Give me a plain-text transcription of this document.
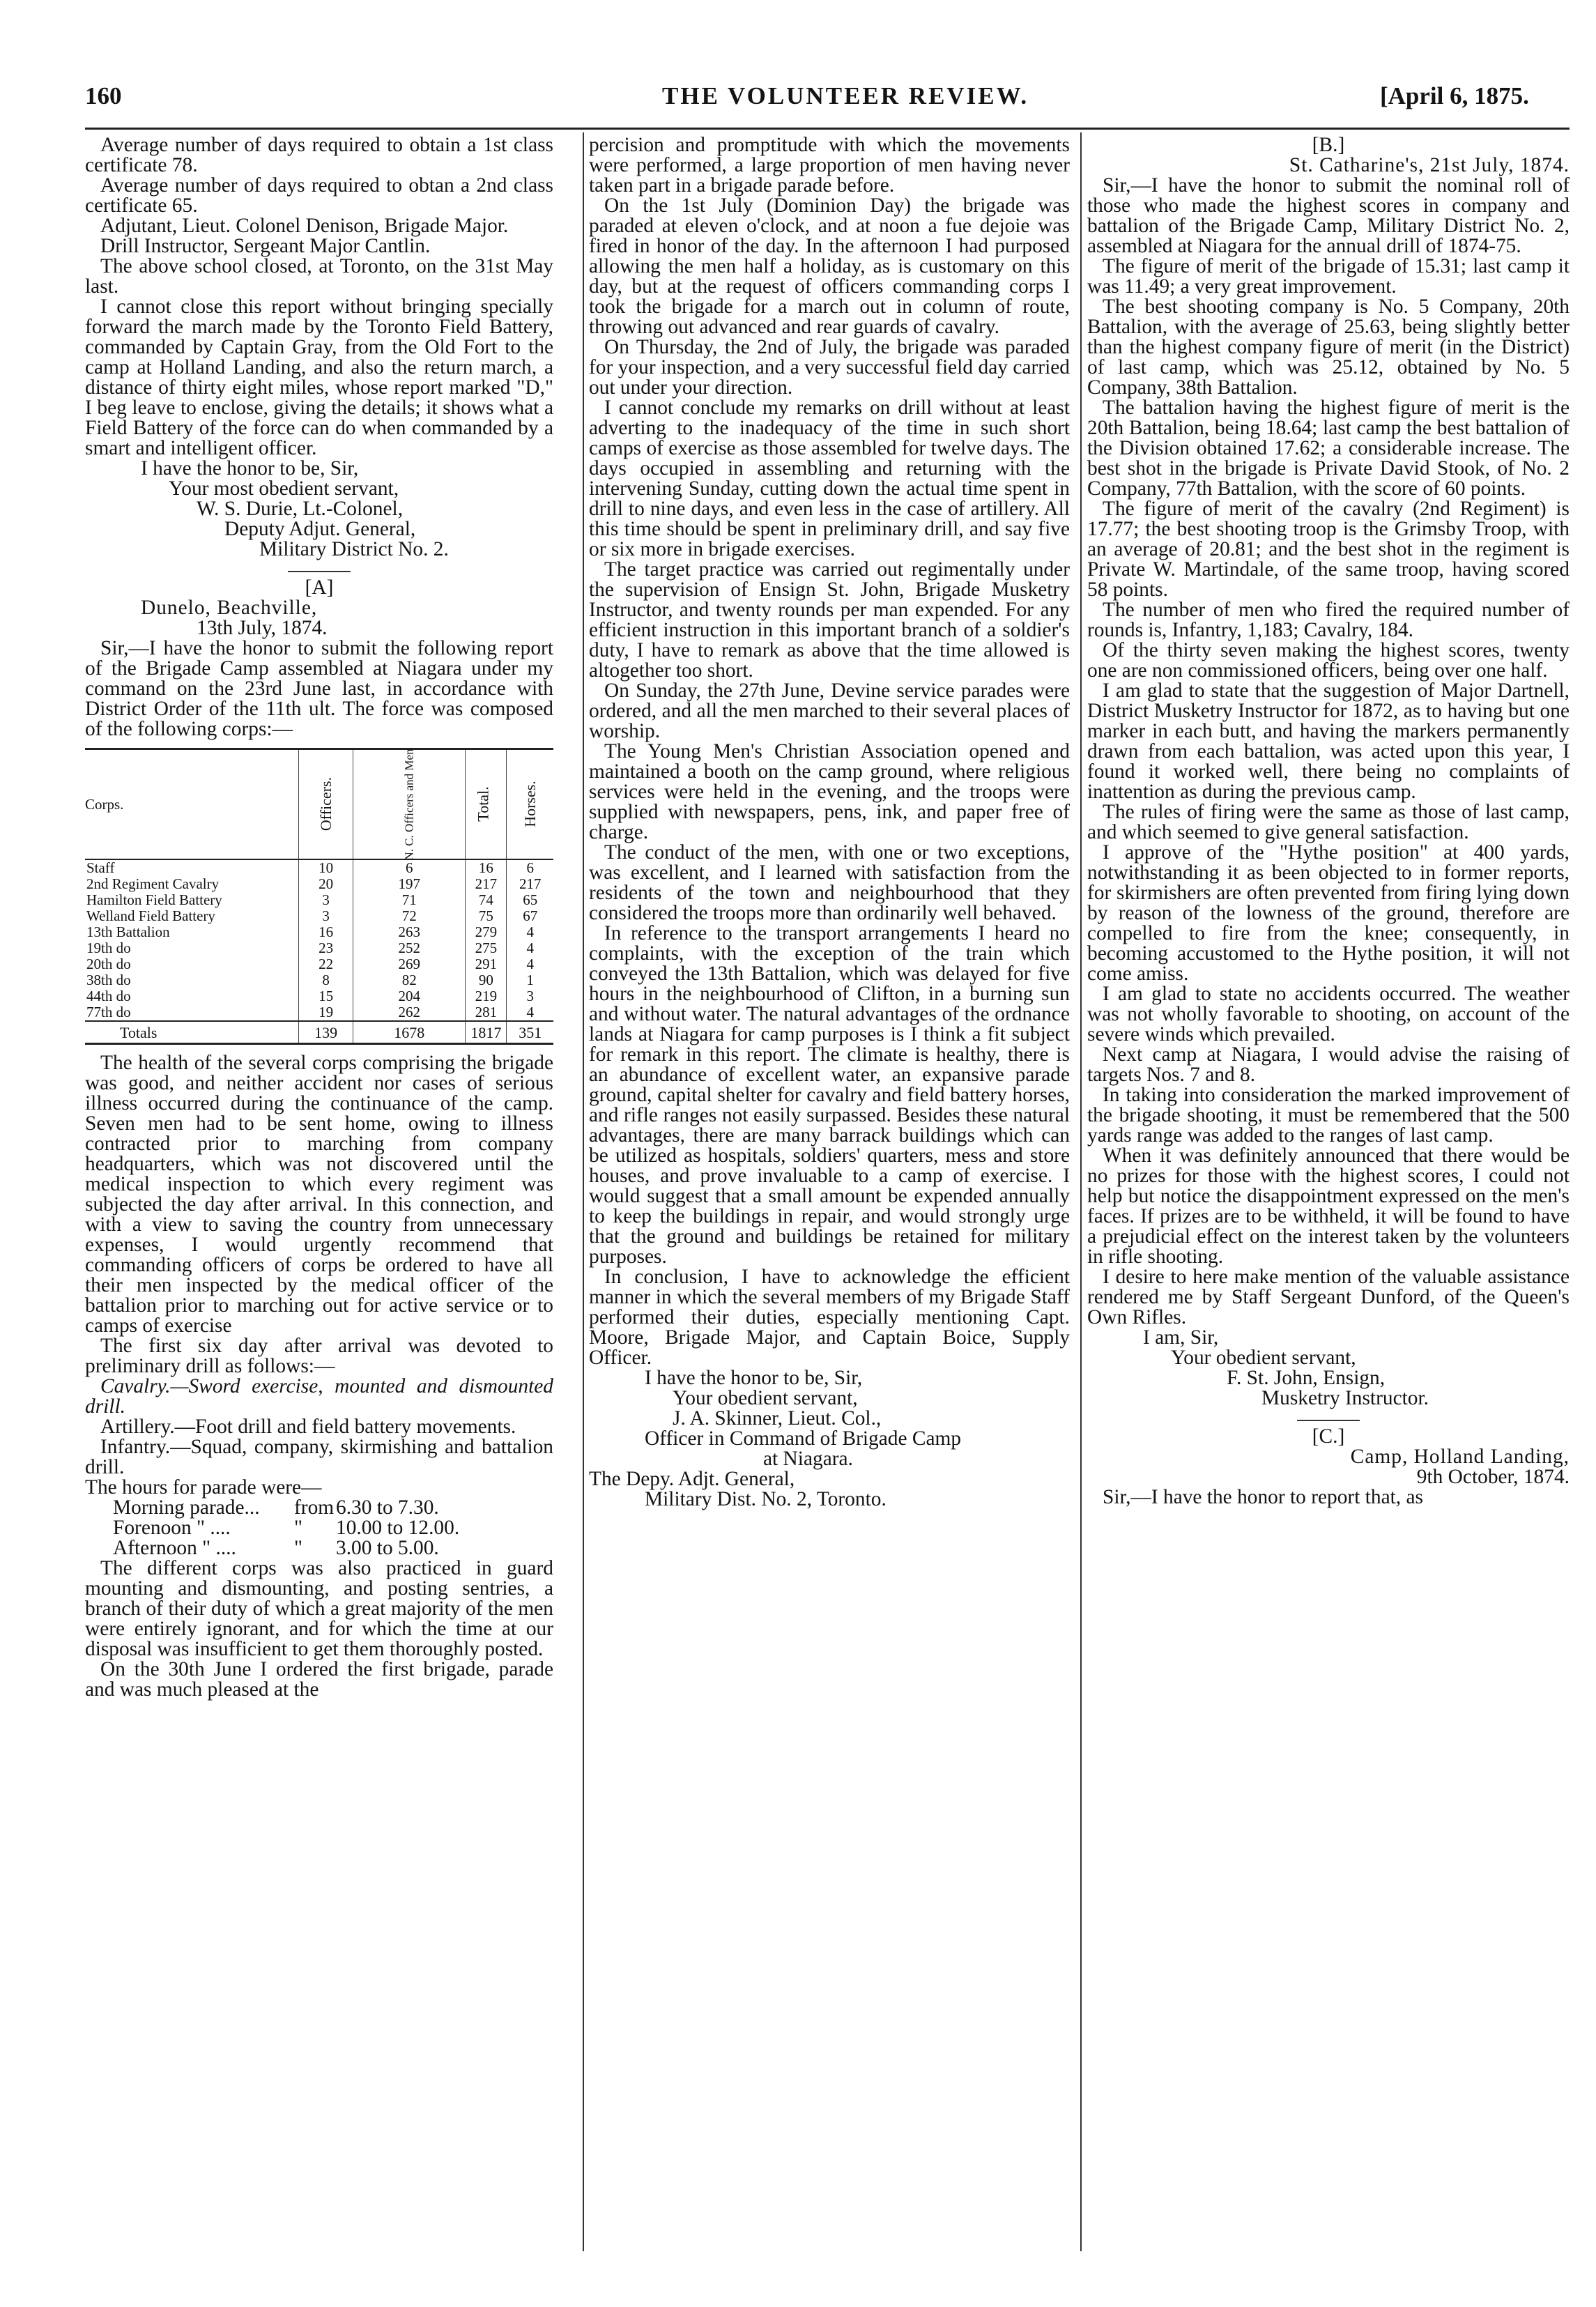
160	THE VOLUNTEER REVIEW.	[April 6, 1875.

Average number of days required to obtain a 1st class certificate 78.

Average number of days required to obtan a 2nd class certificate 65.

Adjutant, Lieut. Colonel Denison, Brigade Major.

Drill Instructor, Sergeant Major Cantlin.

The above school closed, at Toronto, on the 31st May last.

I cannot close this report without bringing specially forward the march made by the Toronto Field Battery, commanded by Captain Gray, from the Old Fort to the camp at Holland Landing, and also the return march, a distance of thirty eight miles, whose report marked "D," I beg leave to enclose, giving the details; it shows what a Field Battery of the force can do when commanded by a smart and intelligent officer.

I have the honor to be, Sir,

Your most obedient servant,

W. S. Durie, Lt.-Colonel,

Deputy Adjut. General,

Military District No. 2.

[A]

Dunelo, Beachville,

13th July, 1874.

Sir,—I have the honor to submit the following report of the Brigade Camp assembled at Niagara under my command on the 23rd June last, in accordance with District Order of the 11th ult. The force was composed of the following corps:—

Corps.	Officers.	N. C. Officers and Men	Total.	Horses.
Staff	10	6	16	6
2nd Regiment Cavalry	20	197	217	217
Hamilton Field Battery	3	71	74	65
Welland Field Battery	3	72	75	67
13th Battalion	16	263	279	4
19th do	23	252	275	4
20th do	22	269	291	4
38th do	8	82	90	1
44th do	15	204	219	3
77th do	19	262	281	4
Totals	139	1678	1817	351

The health of the several corps comprising the brigade was good, and neither accident nor cases of serious illness occurred during the continuance of the camp. Seven men had to be sent home, owing to illness contracted prior to marching from company headquarters, which was not discovered until the medical inspection to which every regiment was subjected the day after arrival. In this connection, and with a view to saving the country from unnecessary expenses, I would urgently recommend that commanding officers of corps be ordered to have all their men inspected by the medical officer of the battalion prior to marching out for active service or to camps of exercise

The first six day after arrival was devoted to preliminary drill as follows:—

Cavalry.—Sword exercise, mounted and dismounted drill.

Artillery.—Foot drill and field battery movements.

Infantry.—Squad, company, skirmishing and battalion drill.

The hours for parade were—

Morning parade...	from 6.30 to 7.30.
Forenoon " ....	"	10.00 to 12.00.
Afternoon " ....	"	3.00 to 5.00.

The different corps was also practiced in guard mounting and dismounting, and posting sentries, a branch of their duty of which a great majority of the men were entirely ignorant, and for which the time at our disposal was insufficient to get them thoroughly posted.

On the 30th June I ordered the first brigade, parade and was much pleased at the

percision and promptitude with which the movements were performed, a large proportion of men having never taken part in a brigade parade before.

On the 1st July (Dominion Day) the brigade was paraded at eleven o'clock, and at noon a fue dejoie was fired in honor of the day. In the afternoon I had purposed allowing the men half a holiday, as is customary on this day, but at the request of officers commanding corps I took the brigade for a march out in column of route, throwing out advanced and rear guards of cavalry.

On Thursday, the 2nd of July, the brigade was paraded for your inspection, and a very successful field day carried out under your direction.

I cannot conclude my remarks on drill without at least adverting to the inadequacy of the time in such short camps of exercise as those assembled for twelve days. The days occupied in assembling and returning with the intervening Sunday, cutting down the actual time spent in drill to nine days, and even less in the case of artillery. All this time should be spent in preliminary drill, and say five or six more in brigade exercises.

The target practice was carried out regimentally under the supervision of Ensign St. John, Brigade Musketry Instructor, and twenty rounds per man expended. For any efficient instruction in this important branch of a soldier's duty, I have to remark as above that the time allowed is altogether too short.

On Sunday, the 27th June, Devine service parades were ordered, and all the men marched to their several places of worship.

The Young Men's Christian Association opened and maintained a booth on the camp ground, where religious services were held in the evening, and the troops were supplied with newspapers, pens, ink, and paper free of charge.

The conduct of the men, with one or two exceptions, was excellent, and I learned with satisfaction from the residents of the town and neighbourhood that they considered the troops more than ordinarily well behaved.

In reference to the transport arrangements I heard no complaints, with the exception of the train which conveyed the 13th Battalion, which was delayed for five hours in the neighbourhood of Clifton, in a burning sun and without water. The natural advantages of the ordnance lands at Niagara for camp purposes is I think a fit subject for remark in this report. The climate is healthy, there is an abundance of excellent water, an expansive parade ground, capital shelter for cavalry and field battery horses, and rifle ranges not easily surpassed. Besides these natural advantages, there are many barrack buildings which can be utilized as hospitals, soldiers' quarters, mess and store houses, and prove invaluable to a camp of exercise. I would suggest that a small amount be expended annually to keep the buildings in repair, and would strongly urge that the ground and buildings be retained for military purposes.

In conclusion, I have to acknowledge the efficient manner in which the several members of my Brigade Staff performed their duties, especially mentioning Capt. Moore, Brigade Major, and Captain Boice, Supply Officer.

I have the honor to be, Sir,

Your obedient servant,

J. A. Skinner, Lieut. Col.,

Officer in Command of Brigade Camp

at Niagara.

The Depy. Adjt. General,

Military Dist. No. 2, Toronto.

[B.]

St. Catharine's, 21st July, 1874.

Sir,—I have the honor to submit the nominal roll of those who made the highest scores in company and battalion of the Brigade Camp, Military District No. 2, assembled at Niagara for the annual drill of 1874-75.

The figure of merit of the brigade of 15.31; last camp it was 11.49; a very great improvement.

The best shooting company is No. 5 Company, 20th Battalion, with the average of 25.63, being slightly better than the highest company figure of merit (in the District) of last camp, which was 25.12, obtained by No. 5 Company, 38th Battalion.

The battalion having the highest figure of merit is the 20th Battalion, being 18.64; last camp the best battalion of the Division obtained 17.62; a considerable increase. The best shot in the brigade is Private David Stook, of No. 2 Company, 77th Battalion, with the score of 60 points.

The figure of merit of the cavalry (2nd Regiment) is 17.77; the best shooting troop is the Grimsby Troop, with an average of 20.81; and the best shot in the regiment is Private W. Martindale, of the same troop, having scored 58 points.

The number of men who fired the required number of rounds is, Infantry, 1,183; Cavalry, 184.

Of the thirty seven making the highest scores, twenty one are non commissioned officers, being over one half.

I am glad to state that the suggestion of Major Dartnell, District Musketry Instructor for 1872, as to having but one marker in each butt, and having the markers permanently drawn from each battalion, was acted upon this year, I found it worked well, there being no complaints of inattention as during the previous camp.

The rules of firing were the same as those of last camp, and which seemed to give general satisfaction.

I approve of the "Hythe position" at 400 yards, notwithstanding it as been objected to in former reports, for skirmishers are often prevented from firing lying down by reason of the lowness of the ground, therefore are compelled to fire from the knee; consequently, in becoming accustomed to the Hythe position, it will not come amiss.

I am glad to state no accidents occurred. The weather was not wholly favorable to shooting, on account of the severe winds which prevailed.

Next camp at Niagara, I would advise the raising of targets Nos. 7 and 8.

In taking into consideration the marked improvement of the brigade shooting, it must be remembered that the 500 yards range was added to the ranges of last camp.

When it was definitely announced that there would be no prizes for those with the highest scores, I could not help but notice the disappointment expressed on the men's faces. If prizes are to be withheld, it will be found to have a prejudicial effect on the interest taken by the volunteers in rifle shooting.

I desire to here make mention of the valuable assistance rendered me by Staff Sergeant Dunford, of the Queen's Own Rifles.

I am, Sir,

Your obedient servant,

F. St. John, Ensign,

Musketry Instructor.

[C.]

Camp, Holland Landing,

9th October, 1874.

Sir,—I have the honor to report that, as
